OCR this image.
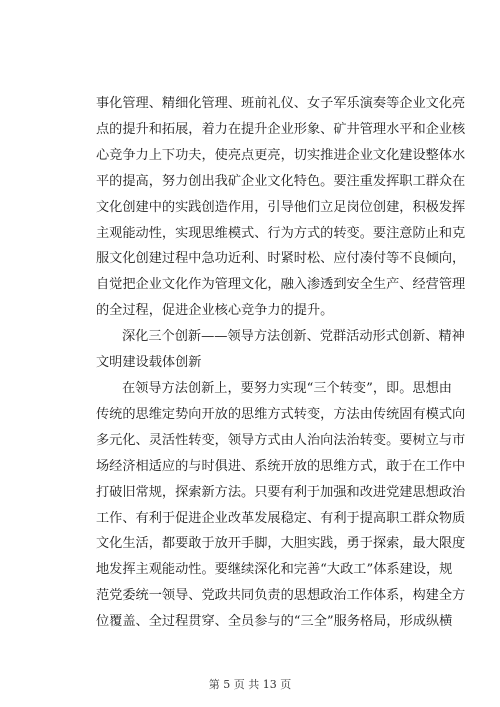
事化管理、精细化管理、班前礼仪、女子军乐演奏等企业文化亮
点的提升和拓展，着力在提升企业形象、矿井管理水平和企业核
心竞争力上下功夫，使亮点更亮，切实推进企业文化建设整体水
平的提高，努力创出我矿企业文化特色。要注重发挥职工群众在
文化创建中的实践创造作用，引导他们立足岗位创建，积极发挥
主观能动性，实现思维模式、行为方式的转变。要注意防止和克
服文化创建过程中急功近利、时紧时松、应付凑付等不良倾向，
自觉把企业文化作为管理文化，融入渗透到安全生产、经营管理
的全过程，促进企业核心竞争力的提升。
深化三个创新——领导方法创新、党群活动形式创新、精神
文明建设载体创新
在领导方法创新上，要努力实现“三个转变”，即。思想由
传统的思维定势向开放的思维方式转变，方法由传统固有模式向
多元化、灵活性转变，领导方式由人治向法治转变。要树立与市
场经济相适应的与时俱进、系统开放的思维方式，敢于在工作中
打破旧常规，探索新方法。只要有利于加强和改进党建思想政治
工作、有利于促进企业改革发展稳定、有利于提高职工群众物质
文化生活，都要敢于放开手脚，大胆实践，勇于探索，最大限度
地发挥主观能动性。要继续深化和完善“大政工”体系建设，规
范党委统一领导、党政共同负责的思想政治工作体系，构建全方
位覆盖、全过程贯穿、全员参与的“三全”服务格局，形成纵横
第 5 页 共 13 页
